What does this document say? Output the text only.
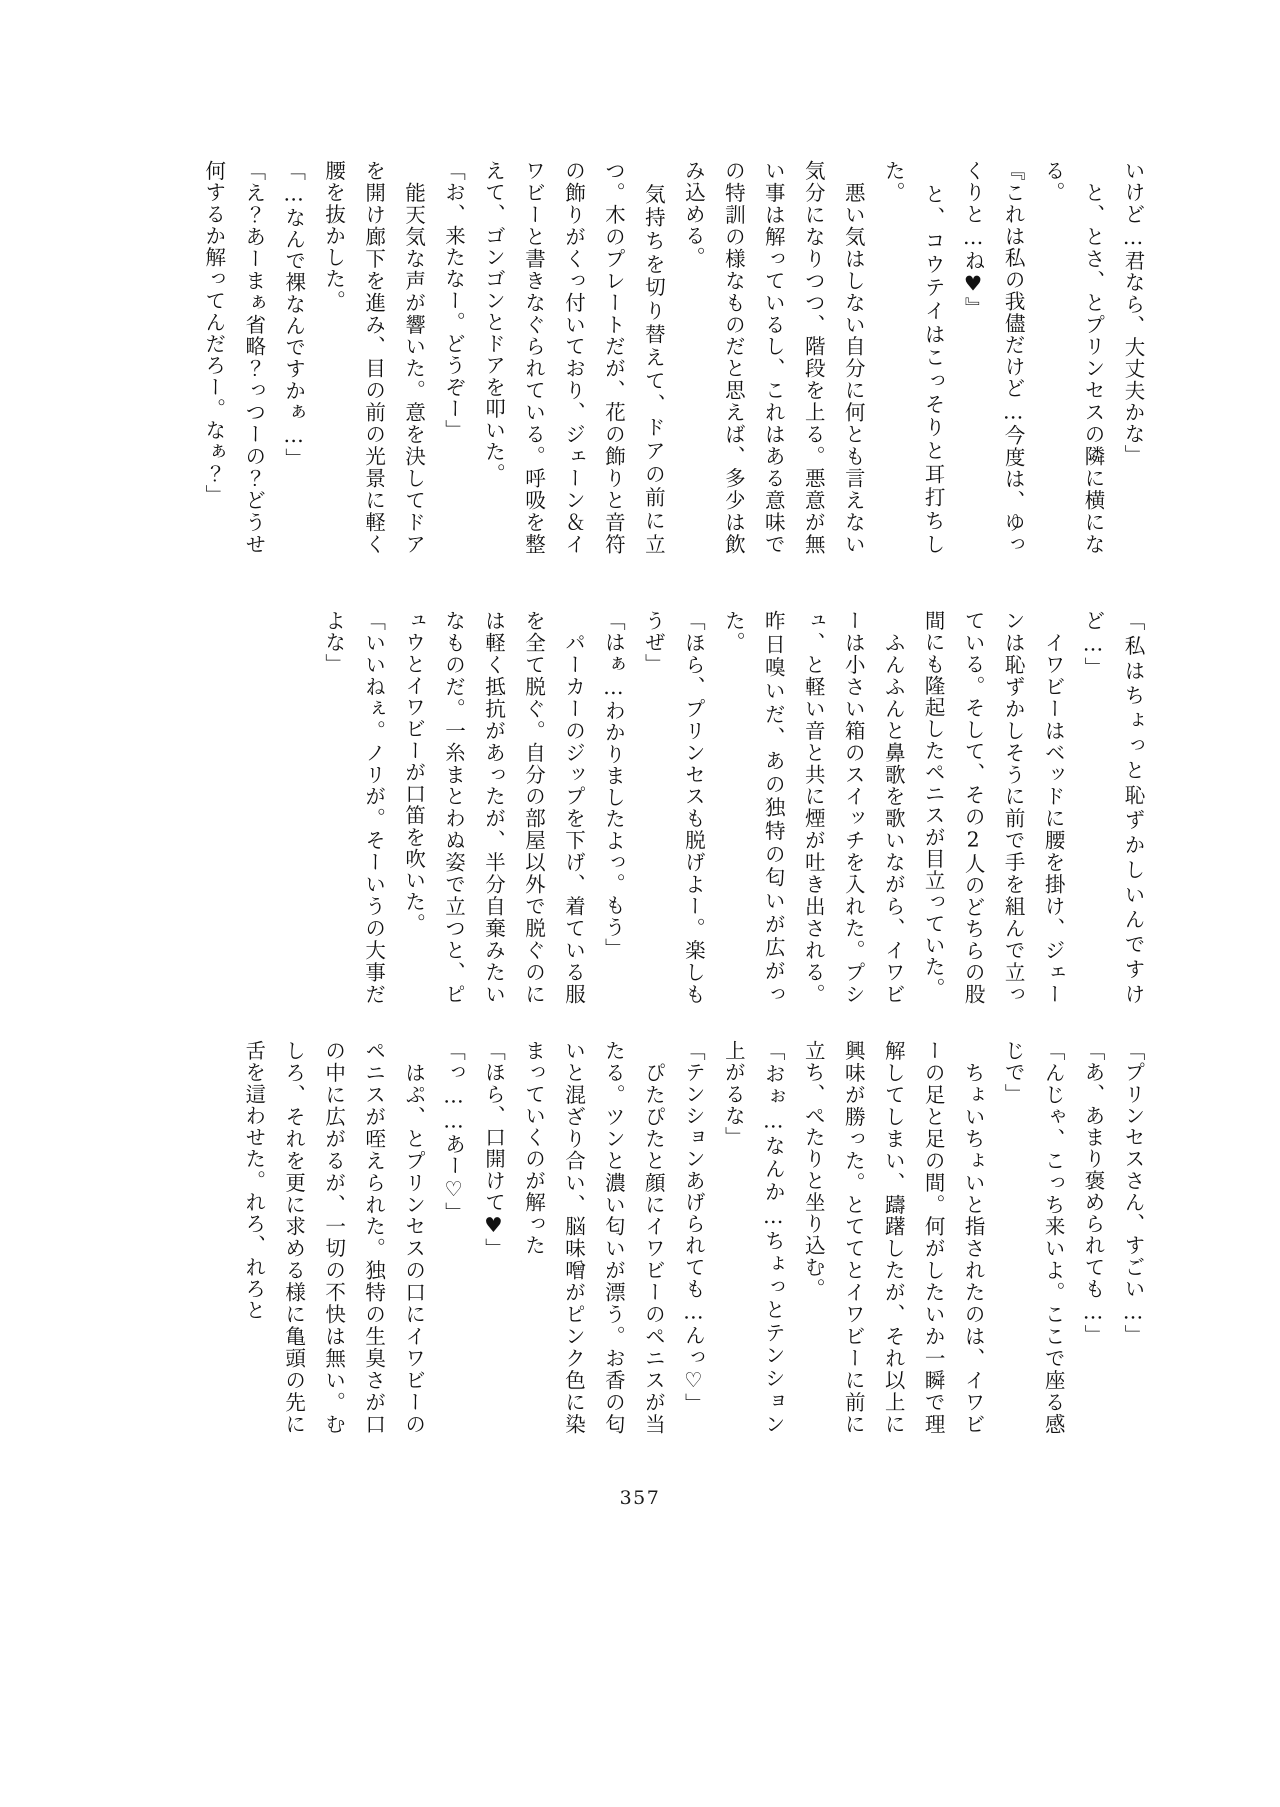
いけど…君なら、大丈夫かな」

　と、とさ、とプリンセスの隣に横になる。

『これは私の我儘だけど…今度は、ゆっくりと…ね♥』

　と、コウテイはこっそりと耳打ちした。

　悪い気はしない自分に何とも言えない気分になりつつ、階段を上る。悪意が無い事は解っているし、これはある意味での特訓の様なものだと思えば、多少は飲み込める。

　気持ちを切り替えて、ドアの前に立つ。木のプレートだが、花の飾りと音符の飾りがくっ付いており、ジェーン＆イワビーと書きなぐられている。呼吸を整えて、ゴンゴンとドアを叩いた。

「お、来たなー。どうぞー」

　能天気な声が響いた。意を決してドアを開け廊下を進み、目の前の光景に軽く腰を抜かした。

「…なんで裸なんですかぁ…」

「え？あーまぁ省略？っつーの？どうせ何するか解ってんだろー。なぁ？」

「私はちょっと恥ずかしいんですけど…」

　イワビーはベッドに腰を掛け、ジェーンは恥ずかしそうに前で手を組んで立っている。そして、その2人のどちらの股間にも隆起したペニスが目立っていた。

　ふんふんと鼻歌を歌いながら、イワビーは小さい箱のスイッチを入れた。プシュ、と軽い音と共に煙が吐き出される。昨日嗅いだ、あの独特の匂いが広がった。

「ほら、プリンセスも脱げよー。楽しもうぜ」

「はぁ…わかりましたよっ。もう」

　パーカーのジップを下げ、着ている服を全て脱ぐ。自分の部屋以外で脱ぐのには軽く抵抗があったが、半分自棄みたいなものだ。一糸まとわぬ姿で立つと、ピュウとイワビーが口笛を吹いた。

「いいねぇ。ノリが。そーいうの大事だよな」

「プリンセスさん、すごい…」

「あ、あまり褒められても…」

「んじゃ、こっち来いよ。ここで座る感じで」

　ちょいちょいと指されたのは、イワビーの足と足の間。何がしたいか一瞬で理解してしまい、躊躇したが、それ以上に興味が勝った。とててとイワビーに前に立ち、ぺたりと坐り込む。

「おぉ…なんか…ちょっとテンション上がるな」

「テンションあげられても…んっ♡」

　ぴたぴたと顔にイワビーのペニスが当たる。ツンと濃い匂いが漂う。お香の匂いと混ざり合い、脳味噌がピンク色に染まっていくのが解った

「ほら、口開けて♥」

「っ……あー♡」

　はぷ、とプリンセスの口にイワビーのペニスが咥えられた。独特の生臭さが口の中に広がるが、一切の不快は無い。むしろ、それを更に求める様に亀頭の先に舌を這わせた。れろ、れろと

357
